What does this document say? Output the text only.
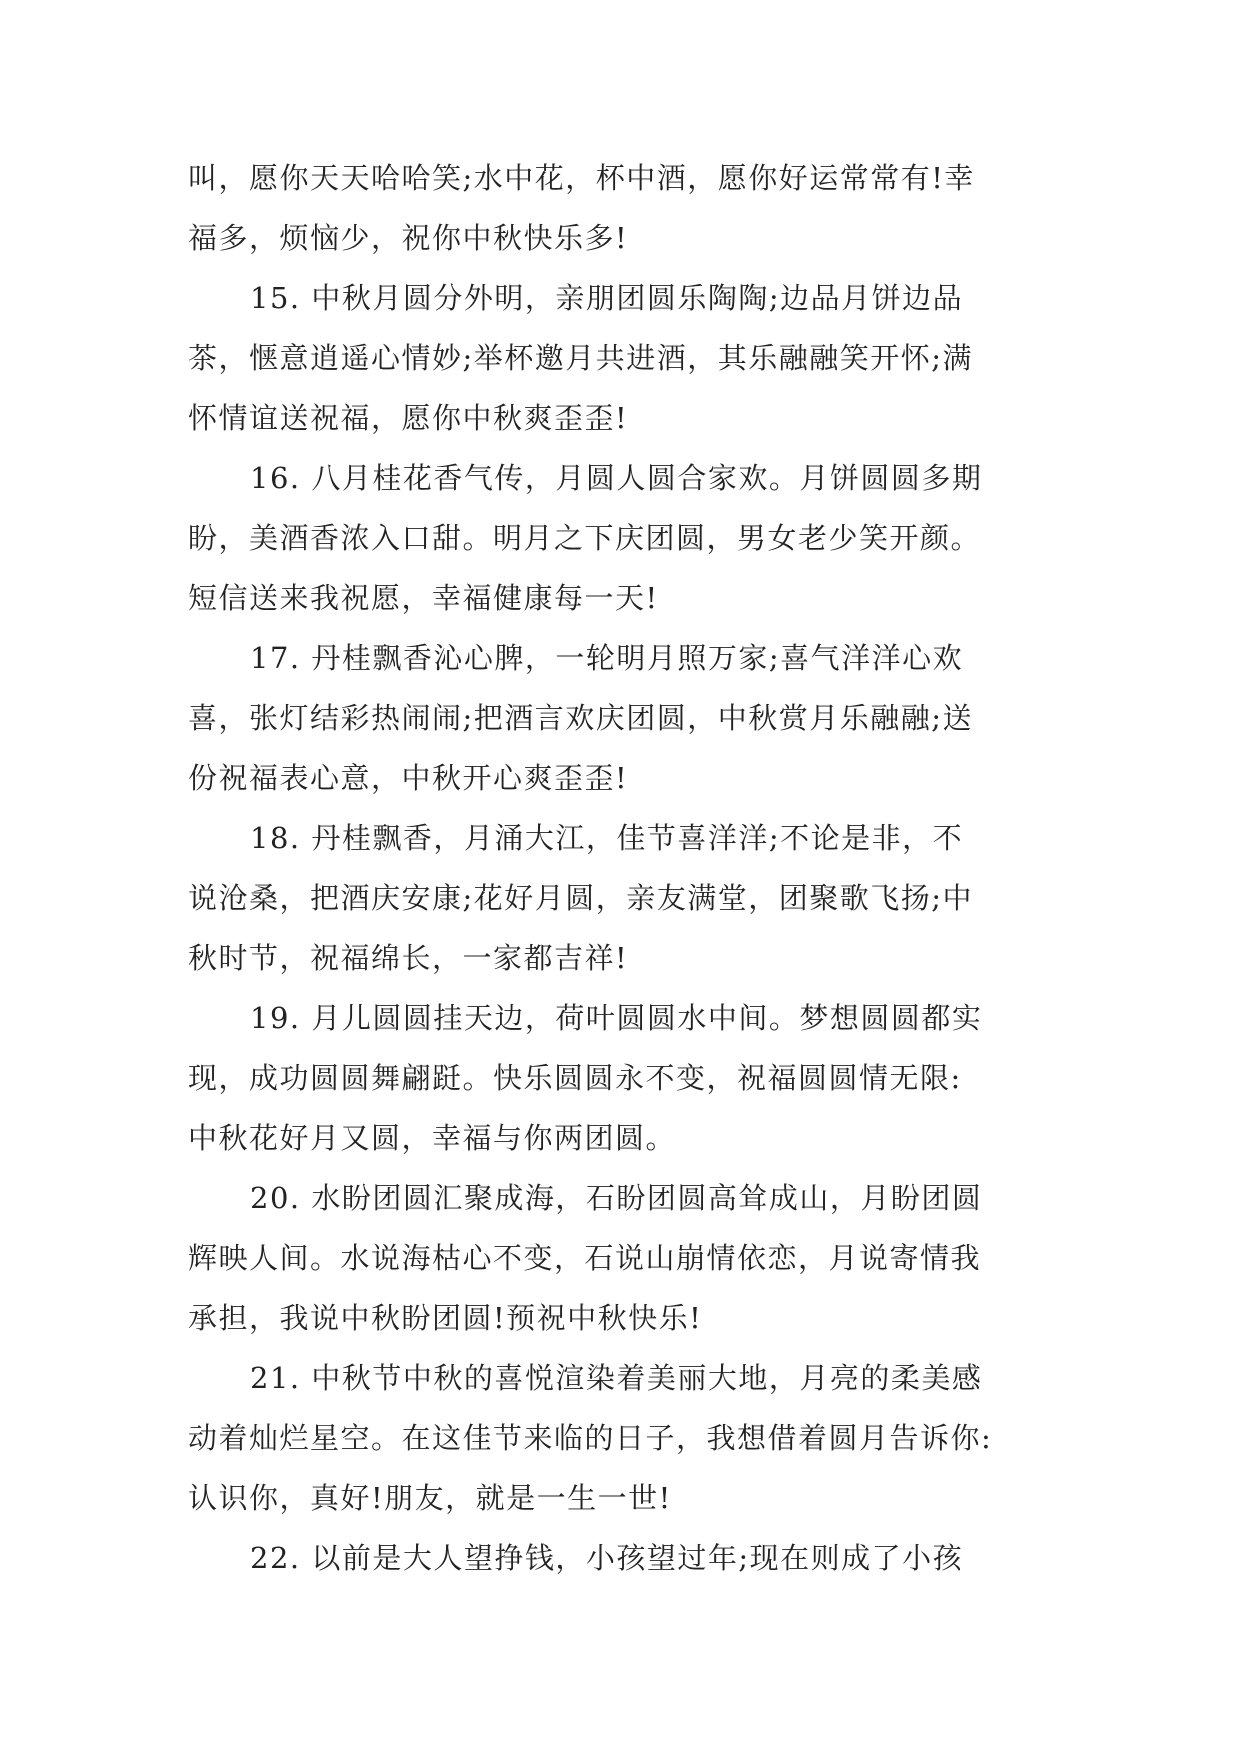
叫，愿你天天哈哈笑;水中花，杯中酒，愿你好运常常有!幸
福多，烦恼少，祝你中秋快乐多!
15. 中秋月圆分外明，亲朋团圆乐陶陶;边品月饼边品
茶，惬意逍遥心情妙;举杯邀月共进酒，其乐融融笑开怀;满
怀情谊送祝福，愿你中秋爽歪歪!
16. 八月桂花香气传，月圆人圆合家欢。月饼圆圆多期
盼，美酒香浓入口甜。明月之下庆团圆，男女老少笑开颜。
短信送来我祝愿，幸福健康每一天!
17. 丹桂飘香沁心脾，一轮明月照万家;喜气洋洋心欢
喜，张灯结彩热闹闹;把酒言欢庆团圆，中秋赏月乐融融;送
份祝福表心意，中秋开心爽歪歪!
18. 丹桂飘香，月涌大江，佳节喜洋洋;不论是非，不
说沧桑，把酒庆安康;花好月圆，亲友满堂，团聚歌飞扬;中
秋时节，祝福绵长，一家都吉祥!
19. 月儿圆圆挂天边，荷叶圆圆水中间。梦想圆圆都实
现，成功圆圆舞翩跹。快乐圆圆永不变，祝福圆圆情无限:
中秋花好月又圆，幸福与你两团圆。
20. 水盼团圆汇聚成海，石盼团圆高耸成山，月盼团圆
辉映人间。水说海枯心不变，石说山崩情依恋，月说寄情我
承担，我说中秋盼团圆!预祝中秋快乐!
21. 中秋节中秋的喜悦渲染着美丽大地，月亮的柔美感
动着灿烂星空。在这佳节来临的日子，我想借着圆月告诉你:
认识你，真好!朋友，就是一生一世!
22. 以前是大人望挣钱，小孩望过年;现在则成了小孩
